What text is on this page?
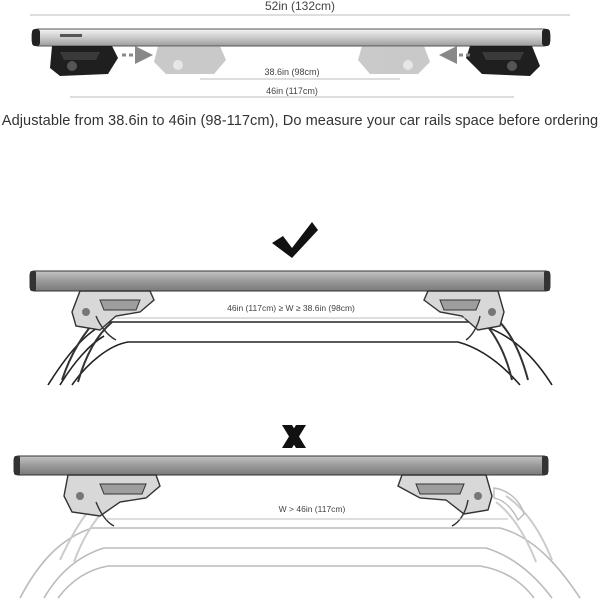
52in (132cm)
38.6in (98cm)
46in (117cm)
46in (117cm) ≥ W ≥ 38.6in (98cm)
W > 46in (117cm)
Adjustable from 38.6in to 46in (98-117cm), Do measure your car rails space before ordering
